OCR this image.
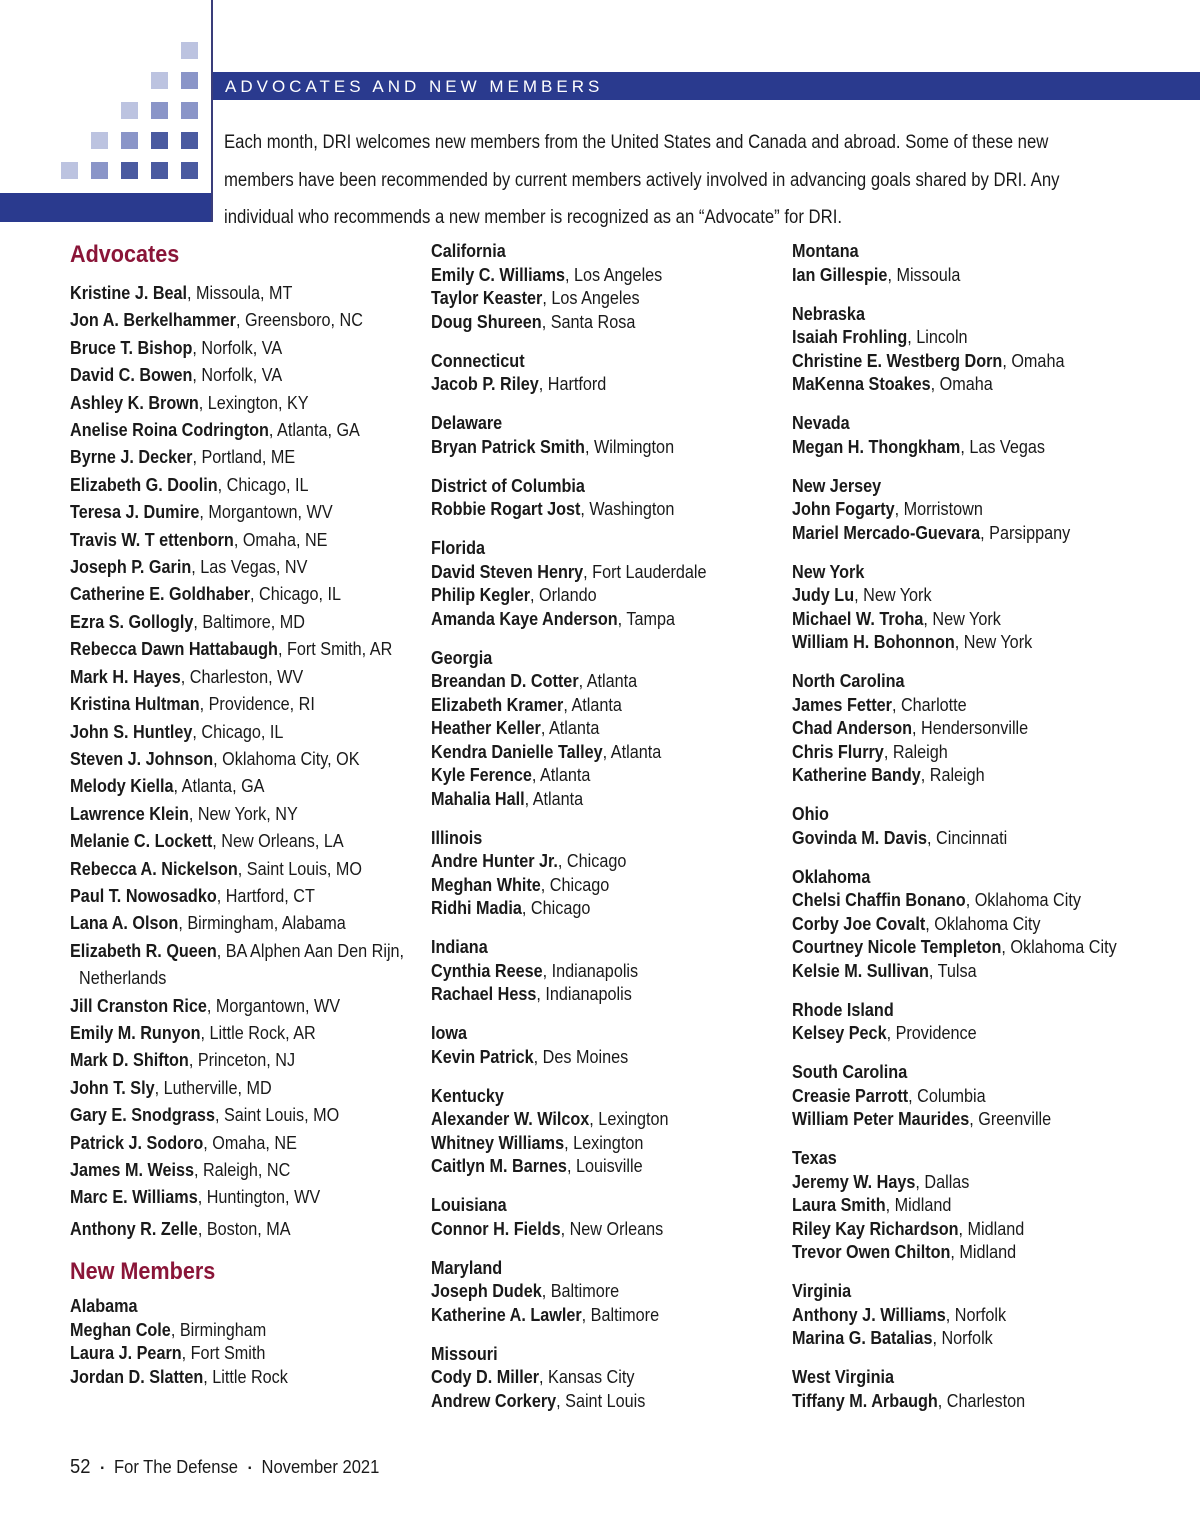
ADVOCATES AND NEW MEMBERS

Each month, DRI welcomes new members from the United States and Canada and abroad. Some of these new

members have been recommended by current members actively involved in advancing goals shared by DRI. Any

individual who recommends a new member is recognized as an “Advocate” for DRI.

Advocates
Kristine J. Beal, Missoula, MT
Jon A. Berkelhammer, Greensboro, NC
Bruce T. Bishop, Norfolk, VA
David C. Bowen, Norfolk, VA
Ashley K. Brown, Lexington, KY
Anelise Roina Codrington, Atlanta, GA
Byrne J. Decker, Portland, ME
Elizabeth G. Doolin, Chicago, IL
Teresa J. Dumire, Morgantown, WV
Travis W. T ettenborn, Omaha, NE
Joseph P. Garin, Las Vegas, NV
Catherine E. Goldhaber, Chicago, IL
Ezra S. Gollogly, Baltimore, MD
Rebecca Dawn Hattabaugh, Fort Smith, AR
Mark H. Hayes, Charleston, WV
Kristina Hultman, Providence, RI
John S. Huntley, Chicago, IL
Steven J. Johnson, Oklahoma City, OK
Melody Kiella, Atlanta, GA
Lawrence Klein, New York, NY
Melanie C. Lockett, New Orleans, LA
Rebecca A. Nickelson, Saint Louis, MO
Paul T. Nowosadko, Hartford, CT
Lana A. Olson, Birmingham, Alabama
Elizabeth R. Queen, BA Alphen Aan Den Rijn,
Netherlands
Jill Cranston Rice, Morgantown, WV
Emily M. Runyon, Little Rock, AR
Mark D. Shifton, Princeton, NJ
John T. Sly, Lutherville, MD
Gary E. Snodgrass, Saint Louis, MO
Patrick J. Sodoro, Omaha, NE
James M. Weiss, Raleigh, NC
Marc E. Williams, Huntington, WV
Anthony R. Zelle, Boston, MA
New Members
Alabama
Meghan Cole, Birmingham
Laura J. Pearn, Fort Smith
Jordan D. Slatten, Little Rock
California
Emily C. Williams, Los Angeles
Taylor Keaster, Los Angeles
Doug Shureen, Santa Rosa
Connecticut
Jacob P. Riley, Hartford
Delaware
Bryan Patrick Smith, Wilmington
District of Columbia
Robbie Rogart Jost, Washington
Florida
David Steven Henry, Fort Lauderdale
Philip Kegler, Orlando
Amanda Kaye Anderson, Tampa
Georgia
Breandan D. Cotter, Atlanta
Elizabeth Kramer, Atlanta
Heather Keller, Atlanta
Kendra Danielle Talley, Atlanta
Kyle Ference, Atlanta
Mahalia Hall, Atlanta
Illinois
Andre Hunter Jr., Chicago
Meghan White, Chicago
Ridhi Madia, Chicago
Indiana
Cynthia Reese, Indianapolis
Rachael Hess, Indianapolis
Iowa
Kevin Patrick, Des Moines
Kentucky
Alexander W. Wilcox, Lexington
Whitney Williams, Lexington
Caitlyn M. Barnes, Louisville
Louisiana
Connor H. Fields, New Orleans
Maryland
Joseph Dudek, Baltimore
Katherine A. Lawler, Baltimore
Missouri
Cody D. Miller, Kansas City
Andrew Corkery, Saint Louis
Montana
Ian Gillespie, Missoula
Nebraska
Isaiah Frohling, Lincoln
Christine E. Westberg Dorn, Omaha
MaKenna Stoakes, Omaha
Nevada
Megan H. Thongkham, Las Vegas
New Jersey
John Fogarty, Morristown
Mariel Mercado-Guevara, Parsippany
New York
Judy Lu, New York
Michael W. Troha, New York
William H. Bohonnon, New York
North Carolina
James Fetter, Charlotte
Chad Anderson, Hendersonville
Chris Flurry, Raleigh
Katherine Bandy, Raleigh
Ohio
Govinda M. Davis, Cincinnati
Oklahoma
Chelsi Chaffin Bonano, Oklahoma City
Corby Joe Covalt, Oklahoma City
Courtney Nicole Templeton, Oklahoma City
Kelsie M. Sullivan, Tulsa
Rhode Island
Kelsey Peck, Providence
South Carolina
Creasie Parrott, Columbia
William Peter Maurides, Greenville
Texas
Jeremy W. Hays, Dallas
Laura Smith, Midland
Riley Kay Richardson, Midland
Trevor Owen Chilton, Midland
Virginia
Anthony J. Williams, Norfolk
Marina G. Batalias, Norfolk
West Virginia
Tiffany M. Arbaugh, Charleston
52 ▪ For The Defense ▪ November 2021
